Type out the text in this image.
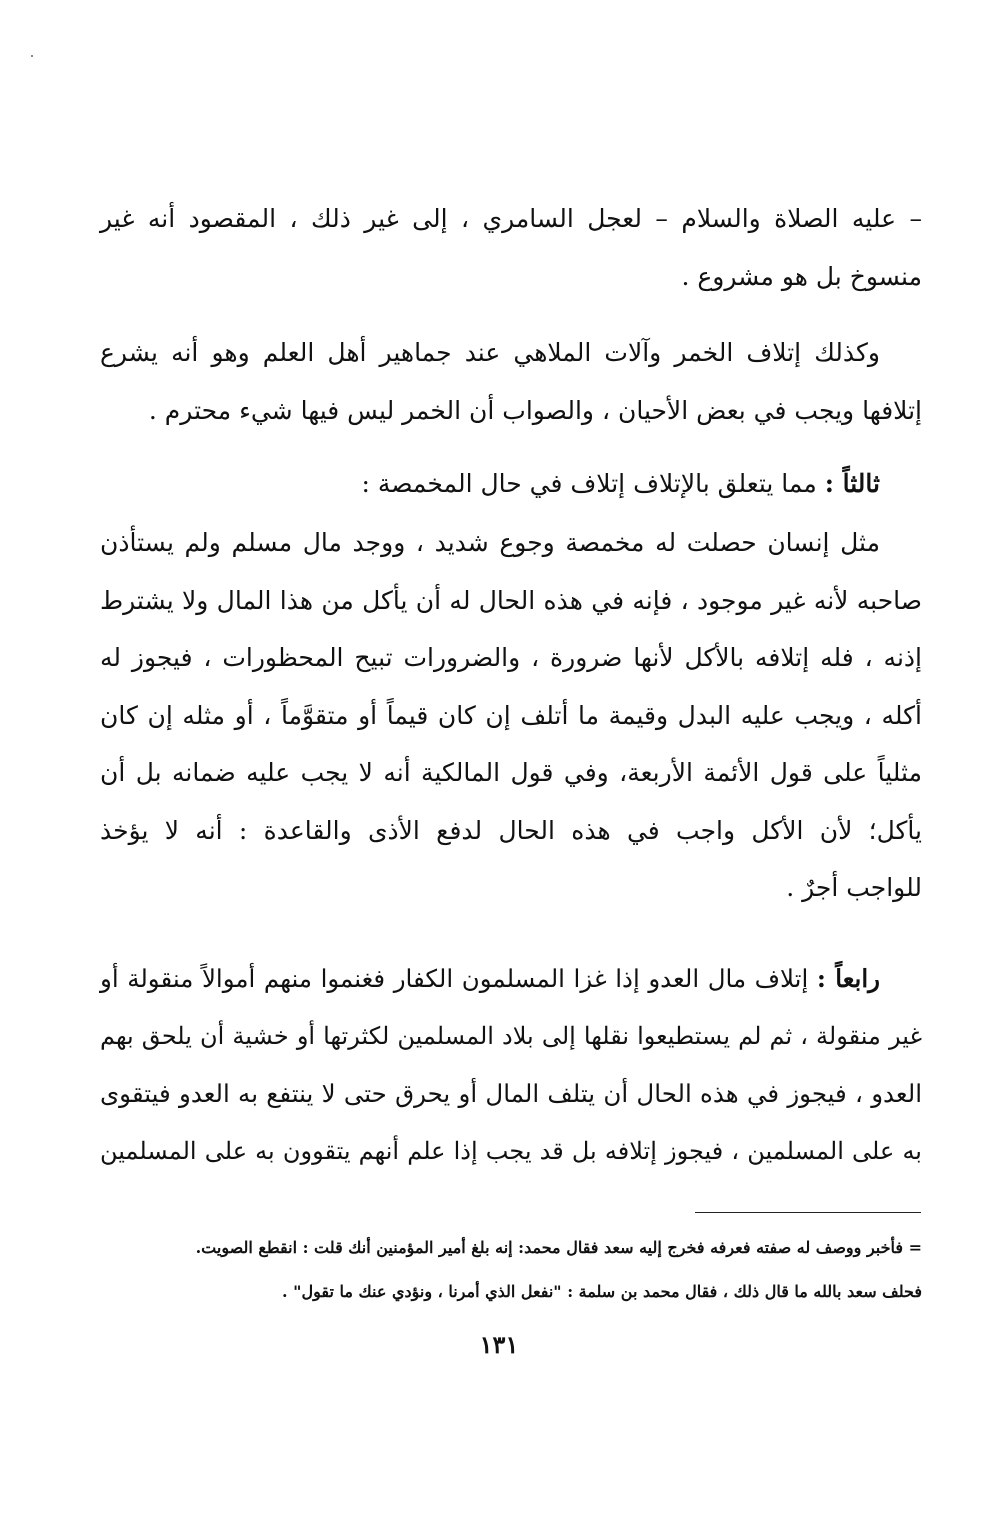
– عليه الصلاة والسلام – لعجل السامري ، إلى غير ذلك ، المقصود أنه غير
منسوخ بل هو مشروع .
وكذلك إتلاف الخمر وآلات الملاهي عند جماهير أهل العلم وهو أنه يشرع
إتلافها ويجب في بعض الأحيان ، والصواب أن الخمر ليس فيها شيء محترم .
ثالثاً : مما يتعلق بالإتلاف إتلاف في حال المخمصة :
مثل إنسان حصلت له مخمصة وجوع شديد ، ووجد مال مسلم ولم يستأذن
صاحبه لأنه غير موجود ، فإنه في هذه الحال له أن يأكل من هذا المال ولا يشترط
إذنه ، فله إتلافه بالأكل لأنها ضرورة ، والضرورات تبيح المحظورات ، فيجوز له
أكله ، ويجب عليه البدل وقيمة ما أتلف إن كان قيماً أو متقوَّماً ، أو مثله إن كان
مثلياً على قول الأئمة الأربعة، وفي قول المالكية أنه لا يجب عليه ضمانه بل أن
يأكل؛ لأن الأكل واجب في هذه الحال لدفع الأذى والقاعدة : أنه لا يؤخذ
للواجب أجرٌ .
رابعاً : إتلاف مال العدو إذا غزا المسلمون الكفار فغنموا منهم أموالاً منقولة أو
غير منقولة ، ثم لم يستطيعوا نقلها إلى بلاد المسلمين لكثرتها أو خشية أن يلحق بهم
العدو ، فيجوز في هذه الحال أن يتلف المال أو يحرق حتى لا ينتفع به العدو فيتقوى
به على المسلمين ، فيجوز إتلافه بل قد يجب إذا علم أنهم يتقوون به على المسلمين
= فأخبر ووصف له صفته فعرفه فخرج إليه سعد فقال محمد: إنه بلغ أمير المؤمنين أنك قلت : انقطع الصويت.
فحلف سعد بالله ما قال ذلك ، فقال محمد بن سلمة : "نفعل الذي أمرنا ، ونؤدي عنك ما تقول" .
١٣١
